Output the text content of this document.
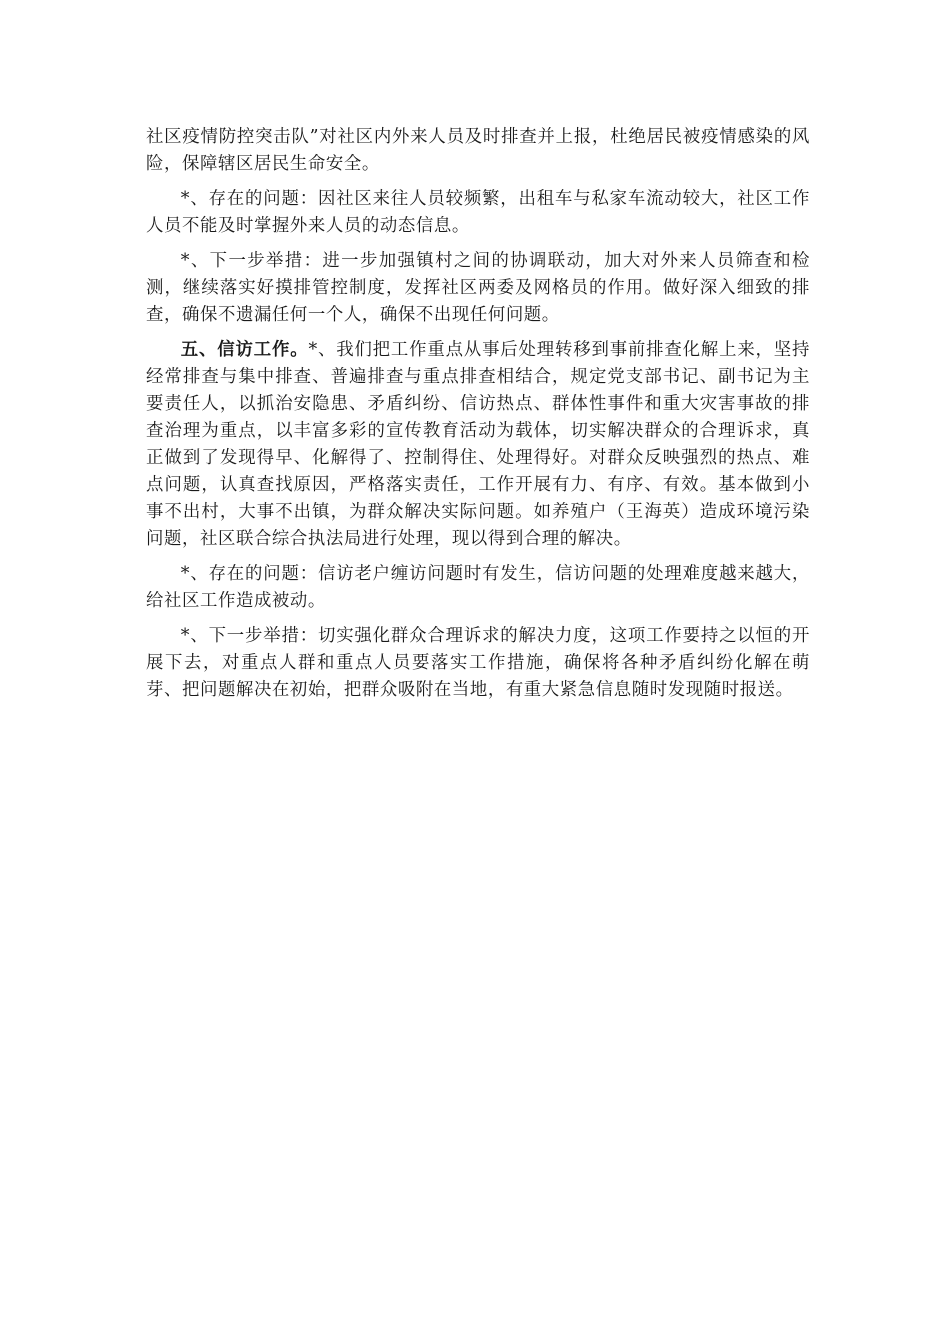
社区疫情防控突击队”对社区内外来人员及时排查并上报，杜绝居民被疫情感染的风险，保障辖区居民生命安全。

*、存在的问题：因社区来往人员较频繁，出租车与私家车流动较大，社区工作人员不能及时掌握外来人员的动态信息。

*、下一步举措：进一步加强镇村之间的协调联动，加大对外来人员筛查和检测，继续落实好摸排管控制度，发挥社区两委及网格员的作用。做好深入细致的排查，确保不遗漏任何一个人，确保不出现任何问题。

五、信访工作。*、我们把工作重点从事后处理转移到事前排查化解上来，坚持经常排查与集中排查、普遍排查与重点排查相结合，规定党支部书记、副书记为主要责任人，以抓治安隐患、矛盾纠纷、信访热点、群体性事件和重大灾害事故的排查治理为重点，以丰富多彩的宣传教育活动为载体，切实解决群众的合理诉求，真正做到了发现得早、化解得了、控制得住、处理得好。对群众反映强烈的热点、难点问题，认真查找原因，严格落实责任，工作开展有力、有序、有效。基本做到小事不出村，大事不出镇，为群众解决实际问题。如养殖户（王海英）造成环境污染问题，社区联合综合执法局进行处理，现以得到合理的解决。

*、存在的问题：信访老户缠访问题时有发生，信访问题的处理难度越来越大，给社区工作造成被动。

*、下一步举措：切实强化群众合理诉求的解决力度，这项工作要持之以恒的开展下去，对重点人群和重点人员要落实工作措施，确保将各种矛盾纠纷化解在萌芽、把问题解决在初始，把群众吸附在当地，有重大紧急信息随时发现随时报送。
